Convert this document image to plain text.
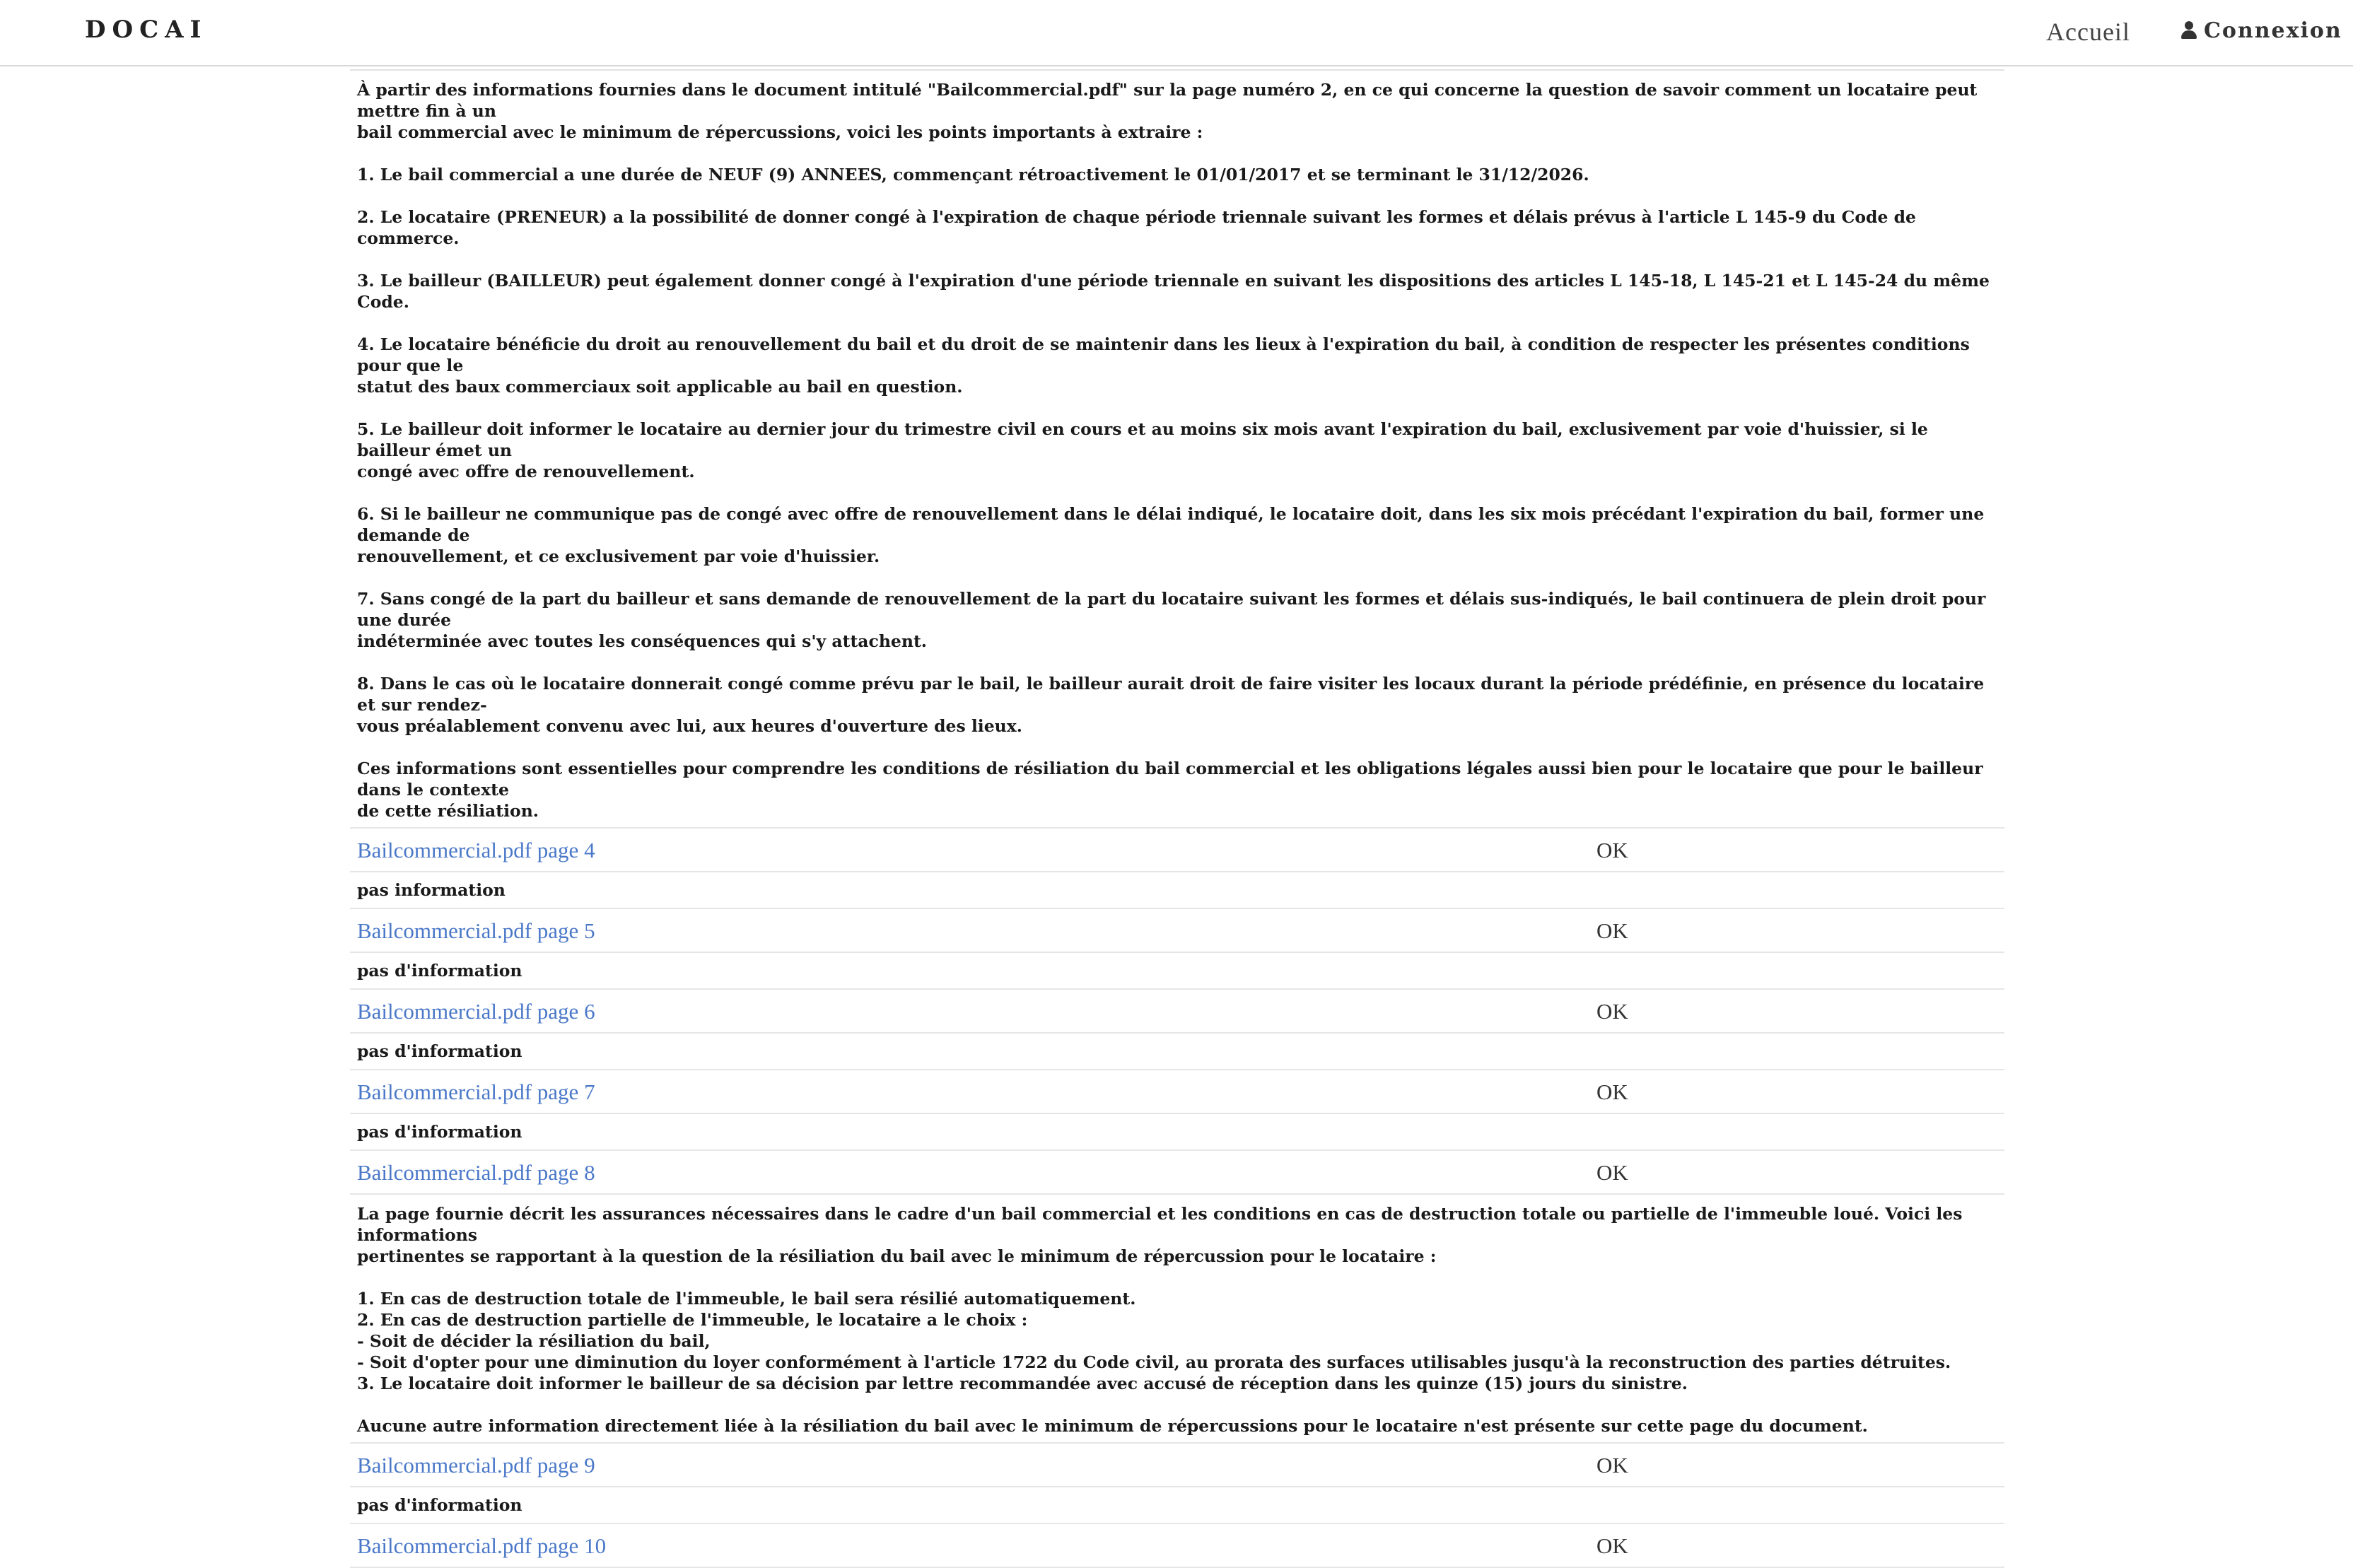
DOCAI	Accueil	Connexion
À partir des informations fournies dans le document intitulé "Bailcommercial.pdf" sur la page numéro 2, en ce qui concerne la question de savoir comment un locataire peut mettre fin à un
bail commercial avec le minimum de répercussions, voici les points importants à extraire :

1. Le bail commercial a une durée de NEUF (9) ANNEES, commençant rétroactivement le 01/01/2017 et se terminant le 31/12/2026.

2. Le locataire (PRENEUR) a la possibilité de donner congé à l'expiration de chaque période triennale suivant les formes et délais prévus à l'article L 145-9 du Code de commerce.

3. Le bailleur (BAILLEUR) peut également donner congé à l'expiration d'une période triennale en suivant les dispositions des articles L 145-18, L 145-21 et L 145-24 du même Code.

4. Le locataire bénéficie du droit au renouvellement du bail et du droit de se maintenir dans les lieux à l'expiration du bail, à condition de respecter les présentes conditions pour que le
statut des baux commerciaux soit applicable au bail en question.

5. Le bailleur doit informer le locataire au dernier jour du trimestre civil en cours et au moins six mois avant l'expiration du bail, exclusivement par voie d'huissier, si le bailleur émet un
congé avec offre de renouvellement.

6. Si le bailleur ne communique pas de congé avec offre de renouvellement dans le délai indiqué, le locataire doit, dans les six mois précédant l'expiration du bail, former une demande de
renouvellement, et ce exclusivement par voie d'huissier.

7. Sans congé de la part du bailleur et sans demande de renouvellement de la part du locataire suivant les formes et délais sus-indiqués, le bail continuera de plein droit pour une durée
indéterminée avec toutes les conséquences qui s'y attachent.

8. Dans le cas où le locataire donnerait congé comme prévu par le bail, le bailleur aurait droit de faire visiter les locaux durant la période prédéfinie, en présence du locataire et sur rendez-
vous préalablement convenu avec lui, aux heures d'ouverture des lieux.

Ces informations sont essentielles pour comprendre les conditions de résiliation du bail commercial et les obligations légales aussi bien pour le locataire que pour le bailleur dans le contexte
de cette résiliation.
Bailcommercial.pdf page 4	OK
pas information
Bailcommercial.pdf page 5	OK
pas d'information
Bailcommercial.pdf page 6	OK
pas d'information
Bailcommercial.pdf page 7	OK
pas d'information
Bailcommercial.pdf page 8	OK
La page fournie décrit les assurances nécessaires dans le cadre d'un bail commercial et les conditions en cas de destruction totale ou partielle de l'immeuble loué. Voici les informations
pertinentes se rapportant à la question de la résiliation du bail avec le minimum de répercussion pour le locataire :

1. En cas de destruction totale de l'immeuble, le bail sera résilié automatiquement.
2. En cas de destruction partielle de l'immeuble, le locataire a le choix :
- Soit de décider la résiliation du bail,
- Soit d'opter pour une diminution du loyer conformément à l'article 1722 du Code civil, au prorata des surfaces utilisables jusqu'à la reconstruction des parties détruites.
3. Le locataire doit informer le bailleur de sa décision par lettre recommandée avec accusé de réception dans les quinze (15) jours du sinistre.

Aucune autre information directement liée à la résiliation du bail avec le minimum de répercussions pour le locataire n'est présente sur cette page du document.
Bailcommercial.pdf page 9	OK
pas d'information
Bailcommercial.pdf page 10	OK
